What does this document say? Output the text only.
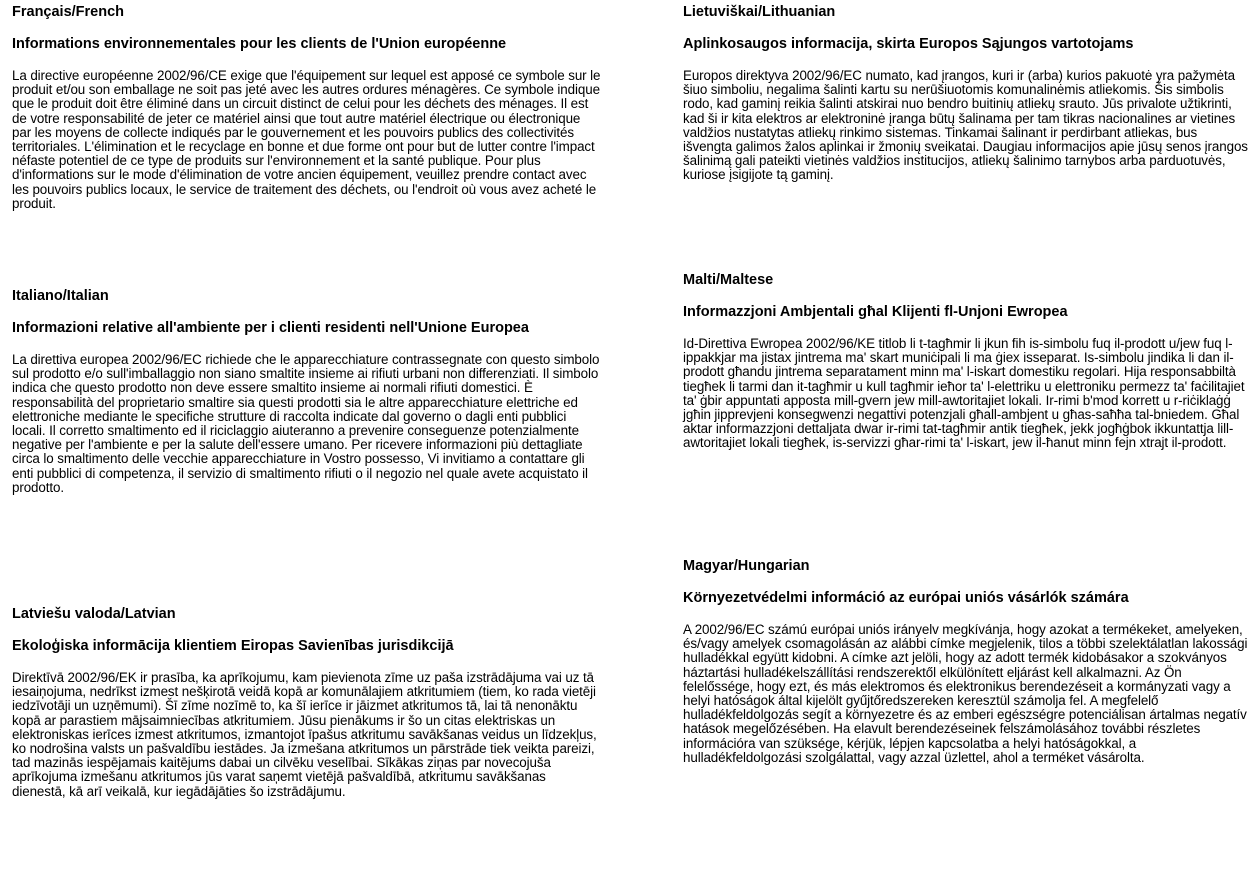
Français/French

Informations environnementales pour les clients de l'Union européenne

La directive européenne 2002/96/CE exige que l'équipement sur lequel est apposé ce symbole sur le produit et/ou son emballage ne soit pas jeté avec les autres ordures ménagères. Ce symbole indique que le produit doit être éliminé dans un circuit distinct de celui pour les déchets des ménages. Il est de votre responsabilité de jeter ce matériel ainsi que tout autre matériel électrique ou électronique par les moyens de collecte indiqués par le gouvernement et les pouvoirs publics des collectivités territoriales. L'élimination et le recyclage en bonne et due forme ont pour but de lutter contre l'impact néfaste potentiel de ce type de produits sur l'environnement et la santé publique. Pour plus d'informations sur le mode d'élimination de votre ancien équipement, veuillez prendre contact avec les pouvoirs publics locaux, le service de traitement des déchets, ou l'endroit où vous avez acheté le produit.

Italiano/Italian

Informazioni relative all'ambiente per i clienti residenti nell'Unione Europea

La direttiva europea 2002/96/EC richiede che le apparecchiature contrassegnate con questo simbolo sul prodotto e/o sull'imballaggio non siano smaltite insieme ai rifiuti urbani non differenziati. Il simbolo indica che questo prodotto non deve essere smaltito insieme ai normali rifiuti domestici. È responsabilità del proprietario smaltire sia questi prodotti sia le altre apparecchiature elettriche ed elettroniche mediante le specifiche strutture di raccolta indicate dal governo o dagli enti pubblici locali. Il corretto smaltimento ed il riciclaggio aiuteranno a prevenire conseguenze potenzialmente negative per l'ambiente e per la salute dell'essere umano. Per ricevere informazioni più dettagliate circa lo smaltimento delle vecchie apparecchiature in Vostro possesso, Vi invitiamo a contattare gli enti pubblici di competenza, il servizio di smaltimento rifiuti o il negozio nel quale avete acquistato il prodotto.

Latviešu valoda/Latvian

Ekoloģiska informācija klientiem Eiropas Savienības jurisdikcijā

Direktīvā 2002/96/EK ir prasība, ka aprīkojumu, kam pievienota zīme uz paša izstrādājuma vai uz tā iesaiņojuma, nedrīkst izmest nešķirotā veidā kopā ar komunālajiem atkritumiem (tiem, ko rada vietēji iedzīvotāji un uzņēmumi). Šī zīme nozīmē to, ka šī ierīce ir jāizmet atkritumos tā, lai tā nenonāktu kopā ar parastiem mājsaimniecības atkritumiem. Jūsu pienākums ir šo un citas elektriskas un elektroniskas ierīces izmest atkritumos, izmantojot īpašus atkritumu savākšanas veidus un līdzekļus, ko nodrošina valsts un pašvaldību iestādes. Ja izmešana atkritumos un pārstrāde tiek veikta pareizi, tad mazinās iespējamais kaitējums dabai un cilvēku veselībai. Sīkākas ziņas par novecojuša aprīkojuma izmešanu atkritumos jūs varat saņemt vietējā pašvaldībā, atkritumu savākšanas dienestā, kā arī veikalā, kur iegādājāties šo izstrādājumu.

Lietuviškai/Lithuanian

Aplinkosaugos informacija, skirta Europos Sąjungos vartotojams

Europos direktyva 2002/96/EC numato, kad įrangos, kuri ir (arba) kurios pakuotė yra pažymėta šiuo simboliu, negalima šalinti kartu su nerūšiuotomis komunalinėmis atliekomis. Šis simbolis rodo, kad gaminį reikia šalinti atskirai nuo bendro buitinių atliekų srauto. Jūs privalote užtikrinti, kad ši ir kita elektros ar elektroninė įranga būtų šalinama per tam tikras nacionalines ar vietines valdžios nustatytas atliekų rinkimo sistemas. Tinkamai šalinant ir perdirbant atliekas, bus išvengta galimos žalos aplinkai ir žmonių sveikatai. Daugiau informacijos apie jūsų senos įrangos šalinimą gali pateikti vietinės valdžios institucijos, atliekų šalinimo tarnybos arba parduotuvės, kuriose įsigijote tą gaminį.

Malti/Maltese

Informazzjoni Ambjentali għal Klijenti fl-Unjoni Ewropea

Id-Direttiva Ewropea 2002/96/KE titlob li t-tagħmir li jkun fih is-simbolu fuq il-prodott u/jew fuq l-ippakkjar ma jistax jintrema ma' skart muniċipali li ma ġiex isseparat. Is-simbolu jindika li dan il-prodott għandu jintrema separatament minn ma' l-iskart domestiku regolari. Hija responsabbiltà tiegħek li tarmi dan it-tagħmir u kull tagħmir ieħor ta' l-elettriku u elettroniku permezz ta' faċilitajiet ta' ġbir appuntati apposta mill-gvern jew mill-awtoritajiet lokali. Ir-rimi b'mod korrett u r-riċiklaġġ jgħin jipprevjeni konsegwenzi negattivi potenzjali għall-ambjent u għas-saħħa tal-bniedem. Għal aktar informazzjoni dettaljata dwar ir-rimi tat-tagħmir antik tiegħek, jekk jogħġbok ikkuntattja lill-awtoritajiet lokali tiegħek, is-servizzi għar-rimi ta' l-iskart, jew il-ħanut minn fejn xtrajt il-prodott.

Magyar/Hungarian

Környezetvédelmi információ az európai uniós vásárlók számára

A 2002/96/EC számú európai uniós irányelv megkívánja, hogy azokat a termékeket, amelyeken, és/vagy amelyek csomagolásán az alábbi címke megjelenik, tilos a többi szelektálatlan lakossági hulladékkal együtt kidobni. A címke azt jelöli, hogy az adott termék kidobásakor a szokványos háztartási hulladékelszállítási rendszerektől elkülönített eljárást kell alkalmazni. Az Ön felelőssége, hogy ezt, és más elektromos és elektronikus berendezéseit a kormányzati vagy a helyi hatóságok által kijelölt gyűjtőredszereken keresztül számolja fel. A megfelelő hulladékfeldolgozás segít a környezetre és az emberi egészségre potenciálisan ártalmas negatív hatások megelőzésében. Ha elavult berendezéseinek felszámolásához további részletes információra van szüksége, kérjük, lépjen kapcsolatba a helyi hatóságokkal, a hulladékfeldolgozási szolgálattal, vagy azzal üzlettel, ahol a terméket vásárolta.
